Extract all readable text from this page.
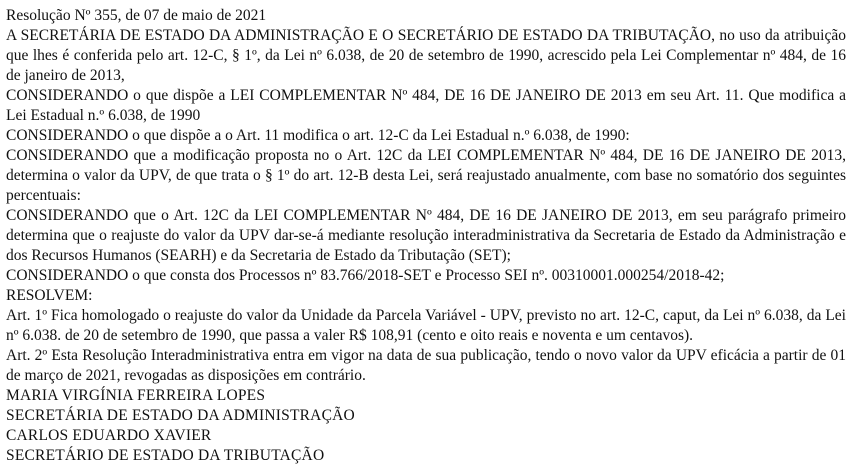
Resolução Nº 355, de 07 de maio de 2021

A SECRETÁRIA DE ESTADO DA ADMINISTRAÇÃO E O SECRETÁRIO DE ESTADO DA TRIBUTAÇÃO, no uso da atribuição que lhes é conferida pelo art. 12-C, § 1º, da Lei nº 6.038, de 20 de setembro de 1990, acrescido pela Lei Complementar nº 484, de 16 de janeiro de 2013,

CONSIDERANDO o que dispõe a LEI COMPLEMENTAR Nº 484, DE 16 DE JANEIRO DE 2013 em seu Art. 11. Que modifica a Lei Estadual n.º 6.038, de 1990

CONSIDERANDO o que dispõe a o Art. 11 modifica o art. 12-C da Lei Estadual n.º 6.038, de 1990:

CONSIDERANDO que a modificação proposta no o Art. 12C da LEI COMPLEMENTAR Nº 484, DE 16 DE JANEIRO DE 2013, determina o valor da UPV, de que trata o § 1º do art. 12-B desta Lei, será reajustado anualmente, com base no somatório dos seguintes percentuais:

CONSIDERANDO que o Art. 12C da LEI COMPLEMENTAR Nº 484, DE 16 DE JANEIRO DE 2013, em seu parágrafo primeiro determina que o reajuste do valor da UPV dar-se-á mediante resolução interadministrativa da Secretaria de Estado da Administração e dos Recursos Humanos (SEARH) e da Secretaria de Estado da Tributação (SET);

CONSIDERANDO o que consta dos Processos nº 83.766/2018-SET e Processo SEI nº. 00310001.000254/2018-42;

RESOLVEM:

Art. 1º Fica homologado o reajuste do valor da Unidade da Parcela Variável - UPV, previsto no art. 12-C, caput, da Lei nº 6.038, da Lei nº 6.038. de 20 de setembro de 1990, que passa a valer R$ 108,91 (cento e oito reais e noventa e um centavos).

Art. 2º Esta Resolução Interadministrativa entra em vigor na data de sua publicação, tendo o novo valor da UPV eficácia a partir de 01 de março de 2021, revogadas as disposições em contrário.

MARIA VIRGÍNIA FERREIRA LOPES

SECRETÁRIA DE ESTADO DA ADMINISTRAÇÃO

CARLOS EDUARDO XAVIER

SECRETÁRIO DE ESTADO DA TRIBUTAÇÃO
